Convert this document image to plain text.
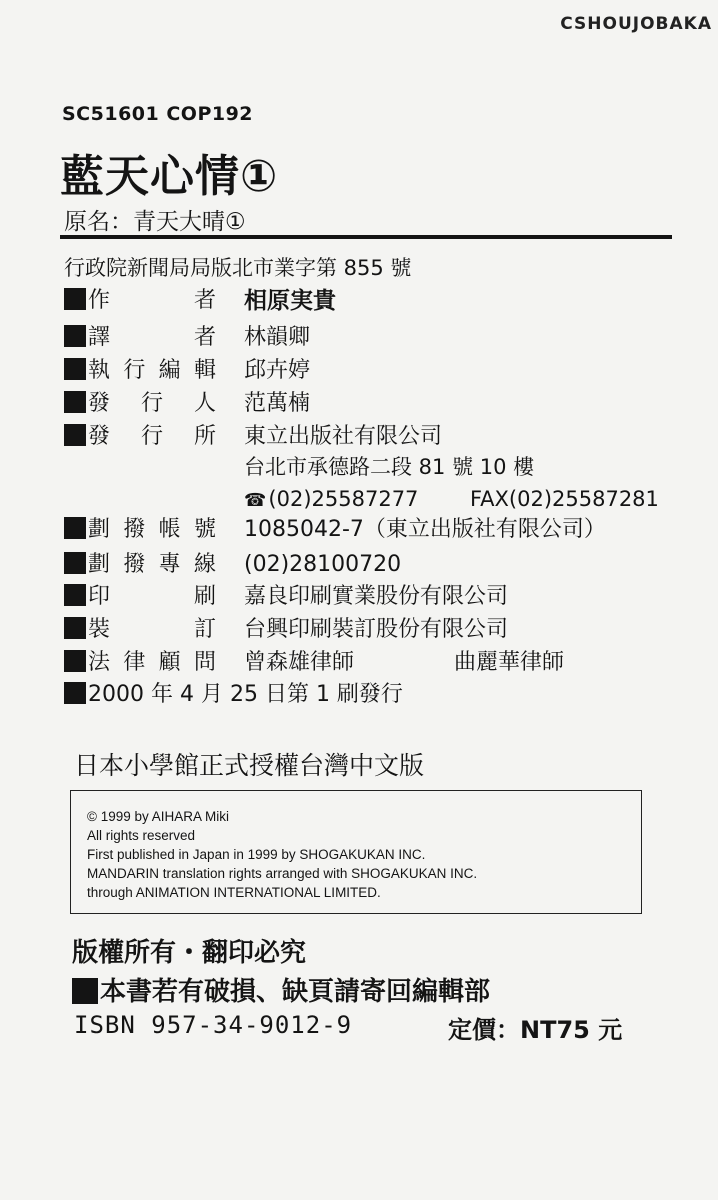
CSHOUJOBAKA
SC51601 COP192
藍天心情①
原名：青天大晴①
行政院新聞局局版北市業字第 855 號
作 者 相原実貴
譯 者 林韻卿
執行編輯 邱卉婷
發 行 人 范萬楠
發 行 所 東立出版社有限公司
台北市承德路二段 81 號 10 樓
☎(02)25587277 FAX(02)25587281
劃撥帳號 1085042-7（東立出版社有限公司）
劃撥專線 (02)28100720
印 刷 嘉良印刷實業股份有限公司
裝 訂 台興印刷裝訂股份有限公司
法律顧問 曾森雄律師	曲麗華律師
2000 年 4 月 25 日第 1 刷發行
日本小學館正式授權台灣中文版
© 1999 by AIHARA Miki
All rights reserved
First published in Japan in 1999 by SHOGAKUKAN INC.
MANDARIN translation rights arranged with SHOGAKUKAN INC.
through ANIMATION INTERNATIONAL LIMITED.
版權所有・翻印必究
本書若有破損、缺頁請寄回編輯部
ISBN 957-34-9012-9	定價：NT75 元
